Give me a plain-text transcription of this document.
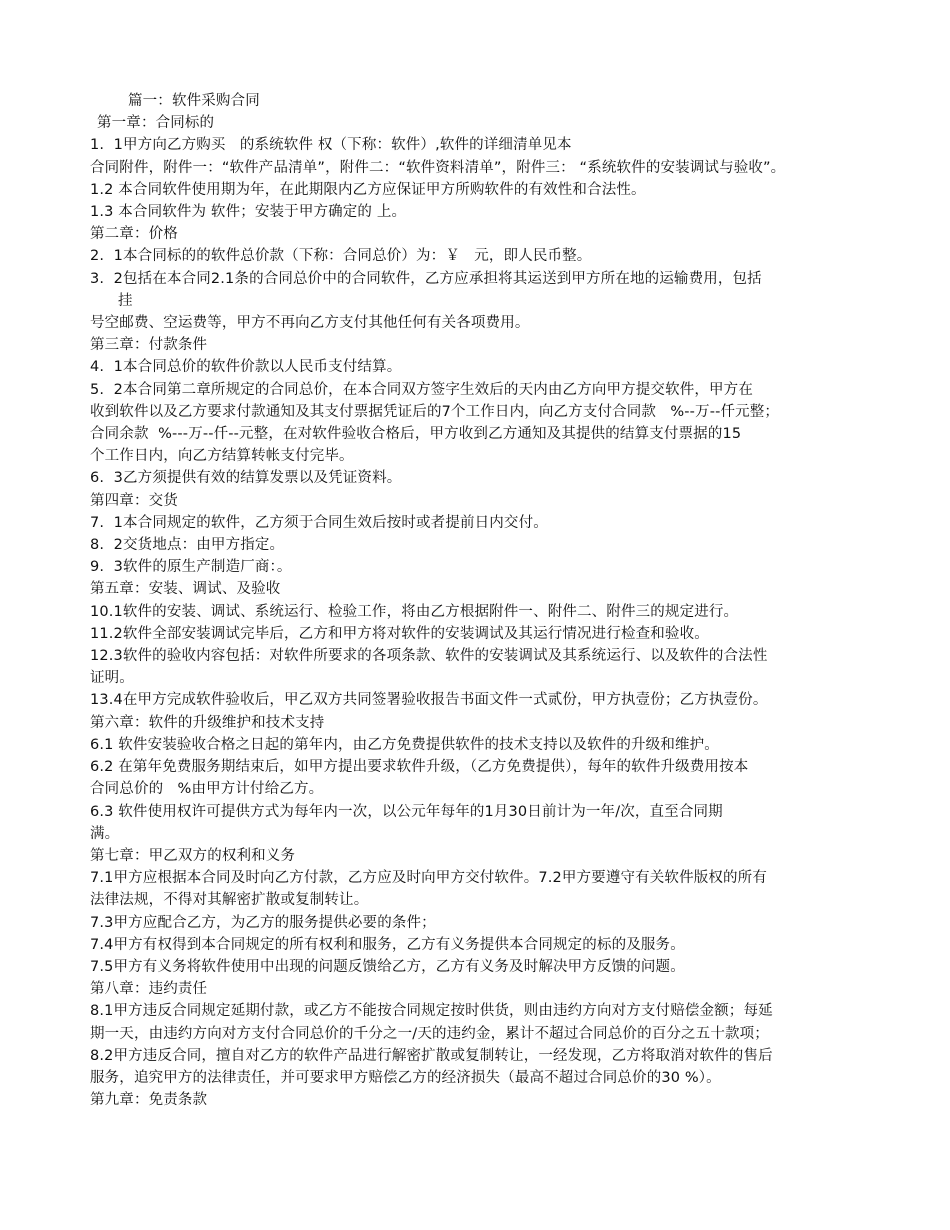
篇一：软件采购合同
第一章：合同标的
1.  1甲方向乙方购买   的系统软件 权（下称：软件）,软件的详细清单见本
合同附件，附件一：“软件产品清单”，附件二：“软件资料清单”，附件三： “系统软件的安装调试与验收”。
1.2 本合同软件使用期为年，在此期限内乙方应保证甲方所购软件的有效性和合法性。
1.3 本合同软件为 软件；安装于甲方确定的 上。
第二章：价格
2.  1本合同标的的软件总价款（下称：合同总价）为：￥   元，即人民币整。
3.  2包括在本合同2.1条的合同总价中的合同软件，乙方应承担将其运送到甲方所在地的运输费用，包括
挂
号空邮费、空运费等，甲方不再向乙方支付其他任何有关各项费用。
第三章：付款条件
4.  1本合同总价的软件价款以人民币支付结算。
5.  2本合同第二章所规定的合同总价，在本合同双方签字生效后的天内由乙方向甲方提交软件，甲方在
收到软件以及乙方要求付款通知及其支付票据凭证后的7个工作日内，向乙方支付合同款   %--万--仟元整；
合同余款  %---万--仟--元整，在对软件验收合格后，甲方收到乙方通知及其提供的结算支付票据的15
个工作日内，向乙方结算转帐支付完毕。
6.  3乙方须提供有效的结算发票以及凭证资料。
第四章：交货
7.  1本合同规定的软件，乙方须于合同生效后按时或者提前日内交付。
8.  2交货地点：由甲方指定。
9.  3软件的原生产制造厂商：。
第五章：安装、调试、及验收
10.1软件的安装、调试、系统运行、检验工作，将由乙方根据附件一、附件二、附件三的规定进行。
11.2软件全部安装调试完毕后，乙方和甲方将对软件的安装调试及其运行情况进行检查和验收。
12.3软件的验收内容包括：对软件所要求的各项条款、软件的安装调试及其系统运行、以及软件的合法性
证明。
13.4在甲方完成软件验收后，甲乙双方共同签署验收报告书面文件一式贰份，甲方执壹份；乙方执壹份。
第六章：软件的升级维护和技术支持
6.1 软件安装验收合格之日起的第年内，由乙方免费提供软件的技术支持以及软件的升级和维护。
6.2 在第年免费服务期结束后，如甲方提出要求软件升级，（乙方免费提供），每年的软件升级费用按本
合同总价的   %由甲方计付给乙方。
6.3 软件使用权许可提供方式为每年内一次，以公元年每年的1月30日前计为一年/次，直至合同期
满。
第七章：甲乙双方的权利和义务
7.1甲方应根据本合同及时向乙方付款，乙方应及时向甲方交付软件。7.2甲方要遵守有关软件版权的所有
法律法规，不得对其解密扩散或复制转让。
7.3甲方应配合乙方，为乙方的服务提供必要的条件；
7.4甲方有权得到本合同规定的所有权利和服务，乙方有义务提供本合同规定的标的及服务。
7.5甲方有义务将软件使用中出现的问题反馈给乙方，乙方有义务及时解决甲方反馈的问题。
第八章：违约责任
8.1甲方违反合同规定延期付款，或乙方不能按合同规定按时供货，则由违约方向对方支付赔偿金额；每延
期一天，由违约方向对方支付合同总价的千分之一/天的违约金，累计不超过合同总价的百分之五十款项；
8.2甲方违反合同，擅自对乙方的软件产品进行解密扩散或复制转让，一经发现，乙方将取消对软件的售后
服务，追究甲方的法律责任，并可要求甲方赔偿乙方的经济损失（最高不超过合同总价的30 %）。
第九章：免责条款
